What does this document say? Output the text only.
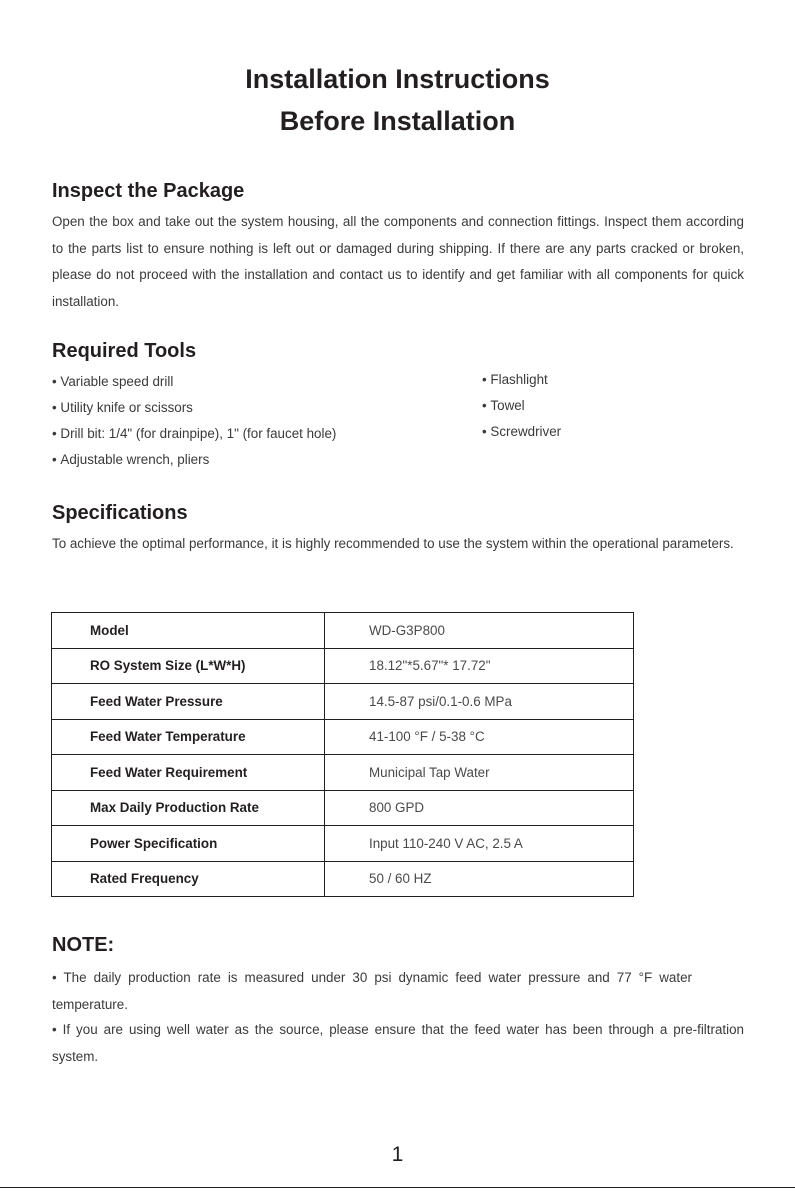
Installation Instructions
Before Installation
Inspect the Package
Open the box and take out the system housing, all the components and connection fittings. Inspect them according to the parts list to ensure nothing is left out or damaged during shipping. If there are any parts cracked or broken, please do not proceed with the installation and contact us to identify and get familiar with all components for quick installation.
Required Tools
• Variable speed drill
• Utility knife or scissors
• Drill bit: 1/4" (for drainpipe), 1" (for faucet hole)
• Adjustable wrench, pliers
• Flashlight
• Towel
• Screwdriver
Specifications
To achieve the optimal performance, it is highly recommended to use the system within the operational parameters.
Model	WD-G3P800
RO System Size (L*W*H)	18.12"*5.67"* 17.72"
Feed Water Pressure	14.5-87 psi/0.1-0.6 MPa
Feed Water Temperature	41-100 °F / 5-38 °C
Feed Water Requirement	Municipal Tap Water
Max Daily Production Rate	800 GPD
Power Specification	Input 110-240 V AC, 2.5 A
Rated Frequency	50 / 60 HZ
NOTE:
• The daily production rate is measured under 30 psi dynamic feed water pressure and 77 °F water temperature.
• If you are using well water as the source, please ensure that the feed water has been through a pre-filtration system.
1
